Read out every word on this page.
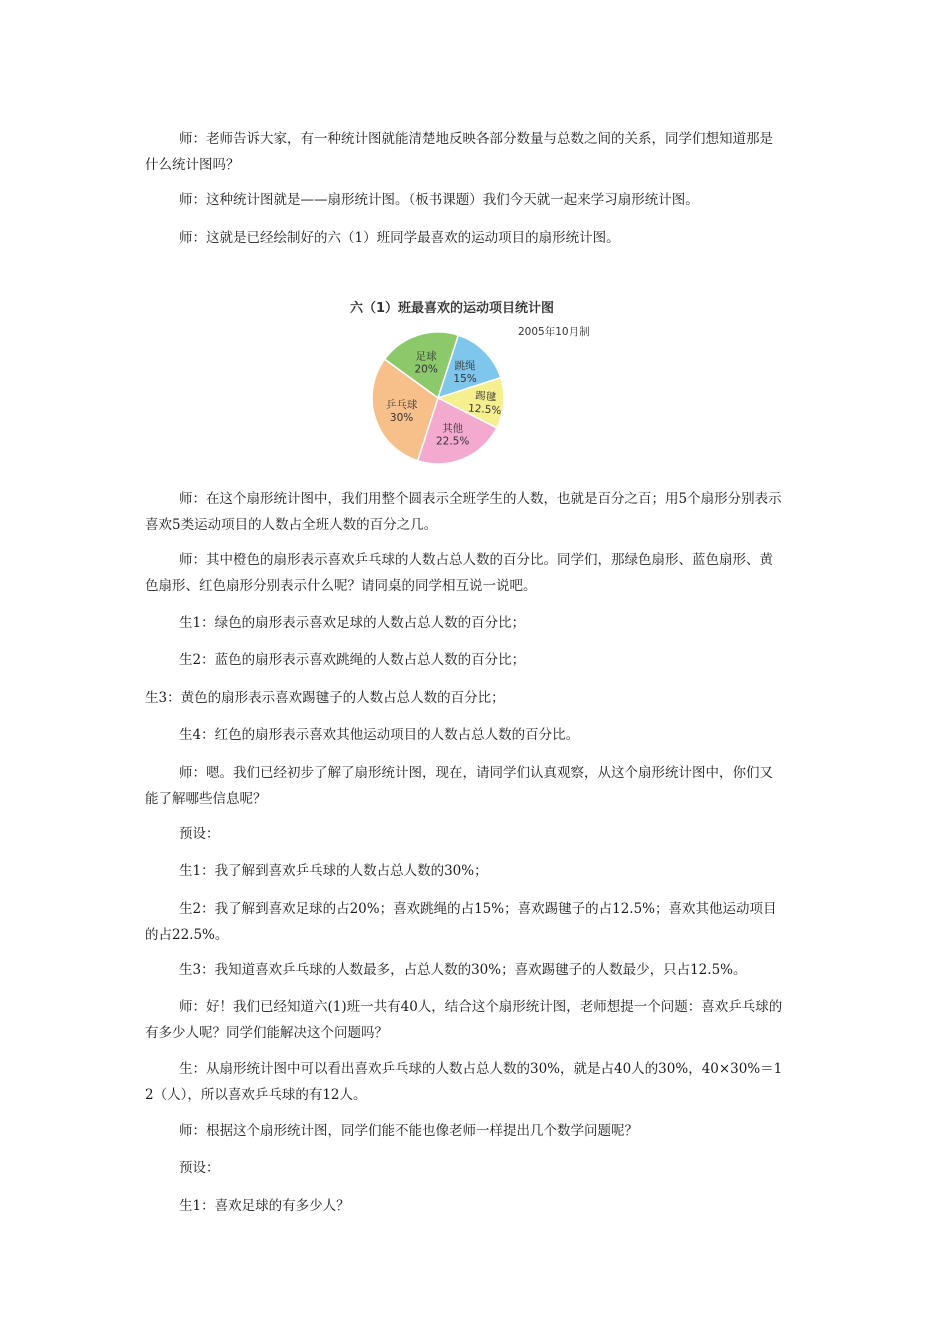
师：老师告诉大家，有一种统计图就能清楚地反映各部分数量与总数之间的关系，同学们想知道那是什么统计图吗？

师：这种统计图就是——扇形统计图。（板书课题）我们今天就一起来学习扇形统计图。

师：这就是已经绘制好的六（1）班同学最喜欢的运动项目的扇形统计图。

六（1）班最喜欢的运动项目统计图
2005年10月制
足球
20% 跳绳
15%
踢毽
12.5%
其他
22.5%
乒乓球
30%

师：在这个扇形统计图中，我们用整个圆表示全班学生的人数，也就是百分之百；用5个扇形分别表示喜欢5类运动项目的人数占全班人数的百分之几。

师：其中橙色的扇形表示喜欢乒乓球的人数占总人数的百分比。同学们，那绿色扇形、蓝色扇形、黄色扇形、红色扇形分别表示什么呢？请同桌的同学相互说一说吧。

生1：绿色的扇形表示喜欢足球的人数占总人数的百分比；

生2：蓝色的扇形表示喜欢跳绳的人数占总人数的百分比；

生3：黄色的扇形表示喜欢踢毽子的人数占总人数的百分比；

生4：红色的扇形表示喜欢其他运动项目的人数占总人数的百分比。

师：嗯。我们已经初步了解了扇形统计图，现在，请同学们认真观察，从这个扇形统计图中，你们又能了解哪些信息呢？

预设：

生1：我了解到喜欢乒乓球的人数占总人数的30%；

生2：我了解到喜欢足球的占20%；喜欢跳绳的占15%；喜欢踢毽子的占12.5%；喜欢其他运动项目的占22.5%。

生3：我知道喜欢乒乓球的人数最多，占总人数的30%；喜欢踢毽子的人数最少，只占12.5%。

师：好！我们已经知道六(1)班一共有40人，结合这个扇形统计图，老师想提一个问题：喜欢乒乓球的有多少人呢？同学们能解决这个问题吗？

生：从扇形统计图中可以看出喜欢乒乓球的人数占总人数的30%，就是占40人的30%，40×30%＝12（人），所以喜欢乒乓球的有12人。

师：根据这个扇形统计图，同学们能不能也像老师一样提出几个数学问题呢？

预设：

生1：喜欢足球的有多少人？
